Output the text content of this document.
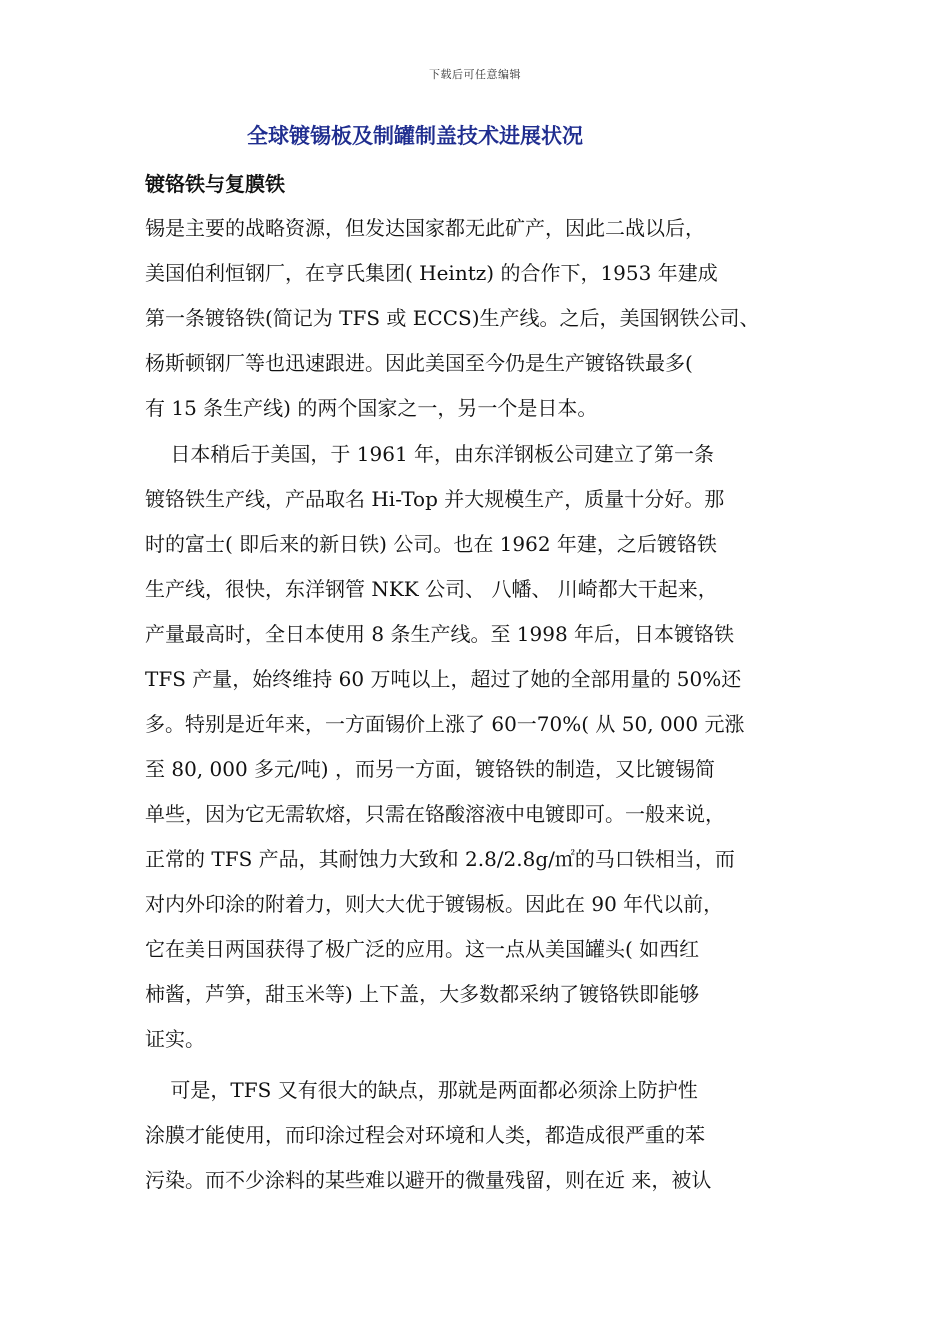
下载后可任意编辑
全球镀锡板及制罐制盖技术进展状况
镀铬铁与复膜铁
锡是主要的战略资源，但发达国家都无此矿产，因此二战以后，
美国伯利恒钢厂，在亨氏集团( Heintz) 的合作下，1953 年建成
第一条镀铬铁(简记为 TFS 或 ECCS)生产线。之后，美国钢铁公司、
杨斯顿钢厂等也迅速跟进。因此美国至今仍是生产镀铬铁最多(
有 15 条生产线) 的两个国家之一，另一个是日本。
日本稍后于美国，于 1961 年，由东洋钢板公司建立了第一条
镀铬铁生产线，产品取名 Hi-Top 并大规模生产，质量十分好。那
时的富士( 即后来的新日铁) 公司。也在 1962 年建，之后镀铬铁
生产线，很快，东洋钢管 NKK 公司、 八幡、 川崎都大干起来，
产量最高时，全日本使用 8 条生产线。至 1998 年后，日本镀铬铁
TFS 产量，始终维持 60 万吨以上，超过了她的全部用量的 50%还
多。特别是近年来，一方面锡价上涨了 60一70%( 从 50, 000 元涨
至 80, 000 多元/吨) ，而另一方面，镀铬铁的制造，又比镀锡简
单些，因为它无需软熔，只需在铬酸溶液中电镀即可。一般来说，
正常的 TFS 产品，其耐蚀力大致和 2.8/2.8g/㎡的马口铁相当，而
对内外印涂的附着力，则大大优于镀锡板。因此在 90 年代以前，
它在美日两国获得了极广泛的应用。这一点从美国罐头( 如西红
柿酱，芦笋，甜玉米等) 上下盖，大多数都采纳了镀铬铁即能够
证实。
可是，TFS 又有很大的缺点，那就是两面都必须涂上防护性
涂膜才能使用，而印涂过程会对环境和人类，都造成很严重的苯
污染。而不少涂料的某些难以避开的微量残留，则在近 来，被认
